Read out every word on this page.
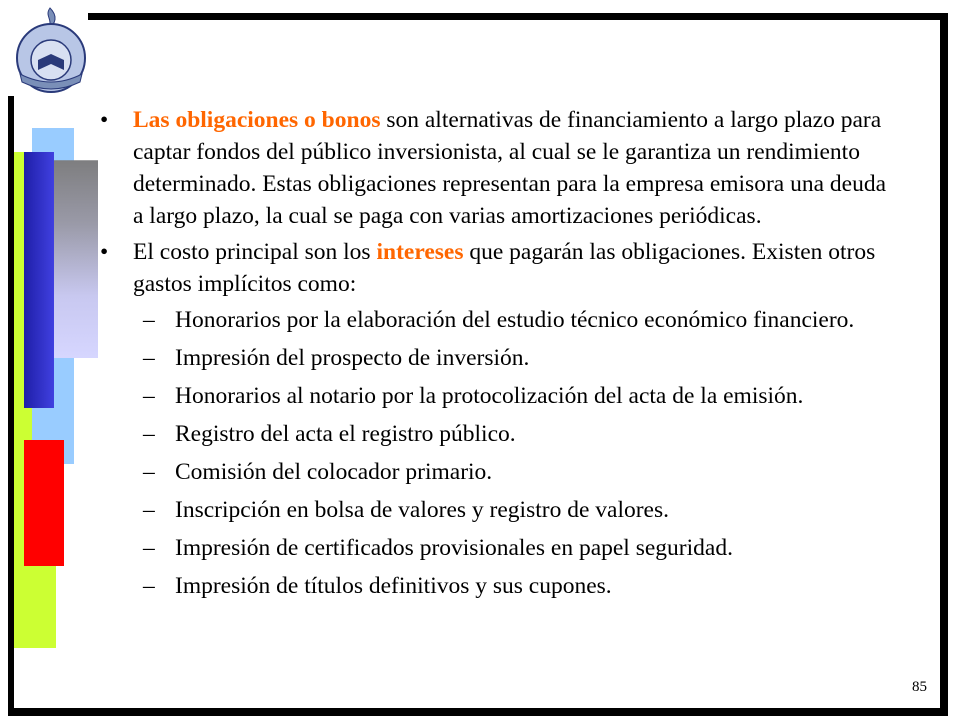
•	Las obligaciones o bonos son alternativas de financiamiento a largo plazo para captar fondos del público inversionista, al cual se le garantiza un rendimiento determinado. Estas obligaciones representan para la empresa emisora una deuda a largo plazo, la cual se paga con varias amortizaciones periódicas.
•	El costo principal son los intereses que pagarán las obligaciones. Existen otros gastos implícitos como:
– Honorarios por la elaboración del estudio técnico económico financiero.
– Impresión del prospecto de inversión.
– Honorarios al notario por la protocolización del acta de la emisión.
– Registro del acta el registro público.
– Comisión del colocador primario.
– Inscripción en bolsa de valores y registro de valores.
– Impresión de certificados provisionales en papel seguridad.
– Impresión de títulos definitivos y sus cupones.
85
